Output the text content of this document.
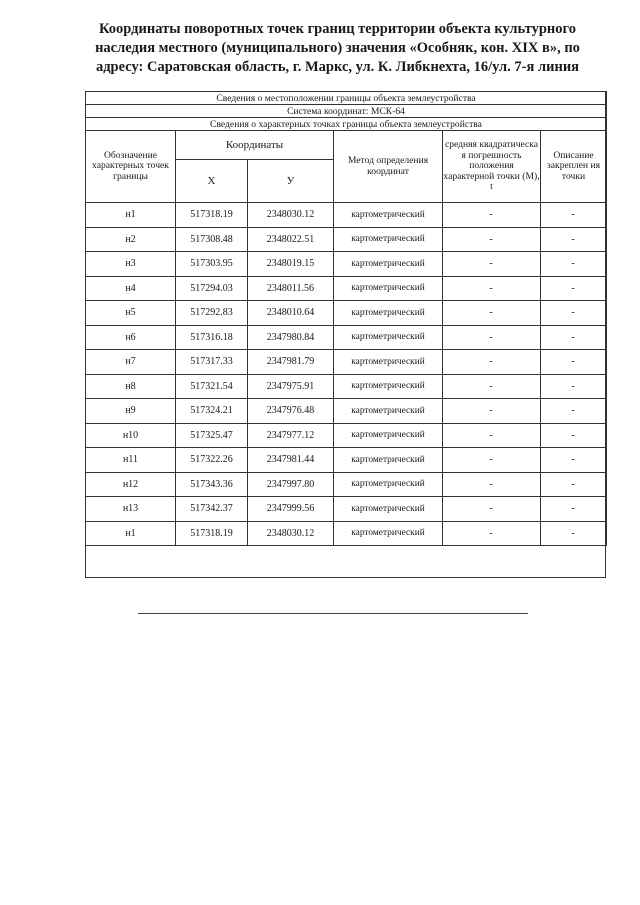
Координаты поворотных точек границ территории объекта культурного наследия местного (муниципального) значения «Особняк, кон. XIX в», по адресу: Саратовская область, г. Маркс, ул. К. Либкнехта, 16/ул. 7-я линия
Сведения о местоположении границы объекта землеустройства					
Система координат: МСК-64					
Сведения о характерных точках границы объекта землеустройства					
Обозначение характерных точек границы	Координаты		Метод определения координат	средняя квадратическа я погрешность положения характерной точки (М), t	Описание закреплен ия точки
	Х	У			
н1	517318.19	2348030.12	картометрический	-	-
н2	517308.48	2348022.51	картометрический	-	-
н3	517303.95	2348019.15	картометрический	-	-
н4	517294.03	2348011.56	картометрический	-	-
н5	517292.83	2348010.64	картометрический	-	-
н6	517316.18	2347980.84	картометрический	-	-
н7	517317.33	2347981.79	картометрический	-	-
н8	517321.54	2347975.91	картометрический	-	-
н9	517324.21	2347976.48	картометрический	-	-
н10	517325.47	2347977.12	картометрический	-	-
н11	517322.26	2347981.44	картометрический	-	-
н12	517343.36	2347997.80	картометрический	-	-
н13	517342.37	2347999.56	картометрический	-	-
н1	517318.19	2348030.12	картометрический	-	-
